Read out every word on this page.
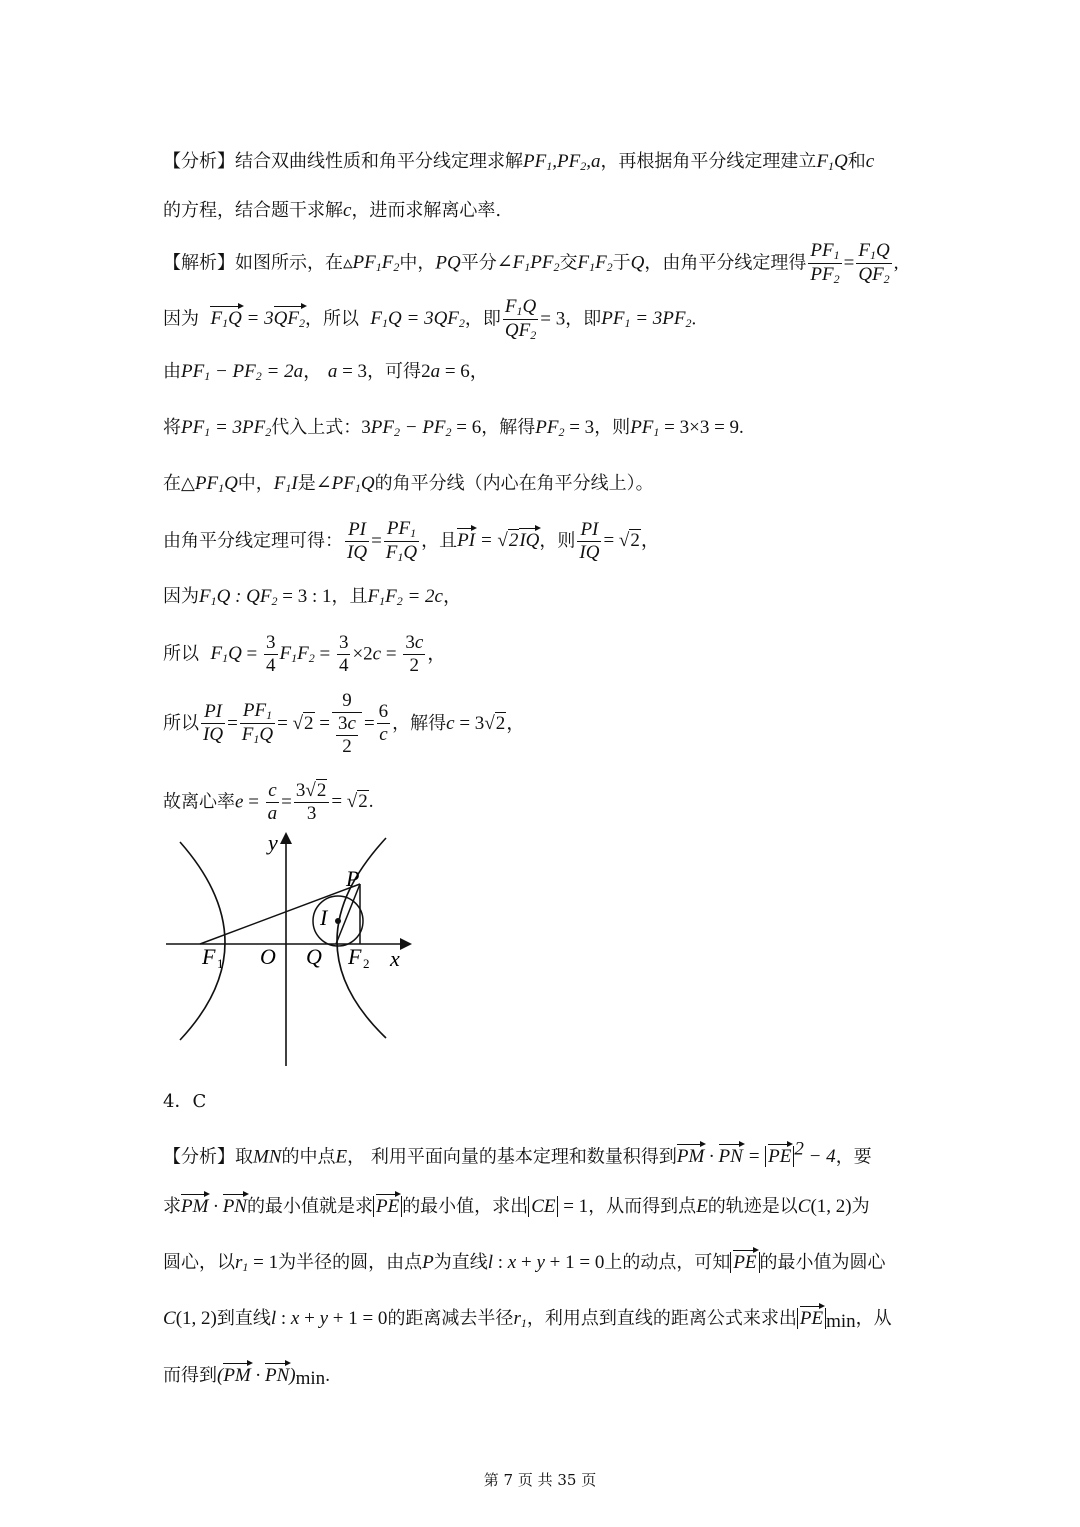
【分析】结合双曲线性质和角平分线定理求解$PF_1,PF_2,a$，再根据角平分线定理建立$F_1Q$和c
的方程，结合题干求解c，进而求解离心率.
【解析】如图所示，在$▵PF_1F_2$中，PQ平分$\angle F_1PF_2$交$F_1F_2$于Q，由角平分线定理得 $\frac{PF_1}{PF_2} = \frac{F_1Q}{QF_2}$ ,
因为 $F_1Q = 3QF_2$，所以 $F_1Q = 3QF_2$，即 $\frac{F_1Q}{QF_2} = 3$，即$PF_1 = 3PF_2$.
由$PF_1 - PF_2 = 2a$， a = 3，可得2a = 6，
将$PF_1 = 3PF_2$代入上式：$3PF_2 - PF_2 = 6$，解得$PF_2 = 3$，则$PF_1 = 3\times 3 = 9$.
在$\triangle PF_1Q$中，$F_1I$是$\angle PF_1Q$的角平分线（内心在角平分线上）。
由角平分线定理可得： $\frac{PI}{IQ} = \frac{PF_1}{F_1Q}$ ，且PI = √2IQ，则 $\frac{PI}{IQ} = √2$，
因为$F_1Q$ : $QF_2 = 3$ : 1，且$F_1F_2 = 2c$，
所以 $F_1Q = \frac{3}{4} F_1F_2 = \frac{3}{4} \times 2c = \frac{3c}{2}$ ，
所以 $\frac{PI}{IQ} = \frac{PF_1}{F_1Q} = √2 = \frac{9}{\frac{3c}{2}} = \frac{6}{c}$ ，解得c = 3√2，
故离心率$e = \frac{c}{a} = \frac{3√2}{3} = √2$.
y
x
P
I
F 1 O Q F 2
4．C
【分析】取MN的中点E， 利用平面向量的基本定理和数量积得到PM · PN = PE $^2$ − 4，要
求PM · PN的最小值就是求 PE 的最小值，求出 CE = 1，从而得到点E的轨迹是以C(1, 2)为
圆心，以$r_1 = 1$为半径的圆，由点P为直线l : x + y + 1 = 0上的动点，可知 PE 的最小值为圆心
C(1, 2)到直线l : x + y + 1 = 0的距离减去半径$r_1$，利用点到直线的距离公式来求出 PE $_{min}$，从
而得到$(PM \cdot PN)_{min}$.
第 7 页 共 35 页
